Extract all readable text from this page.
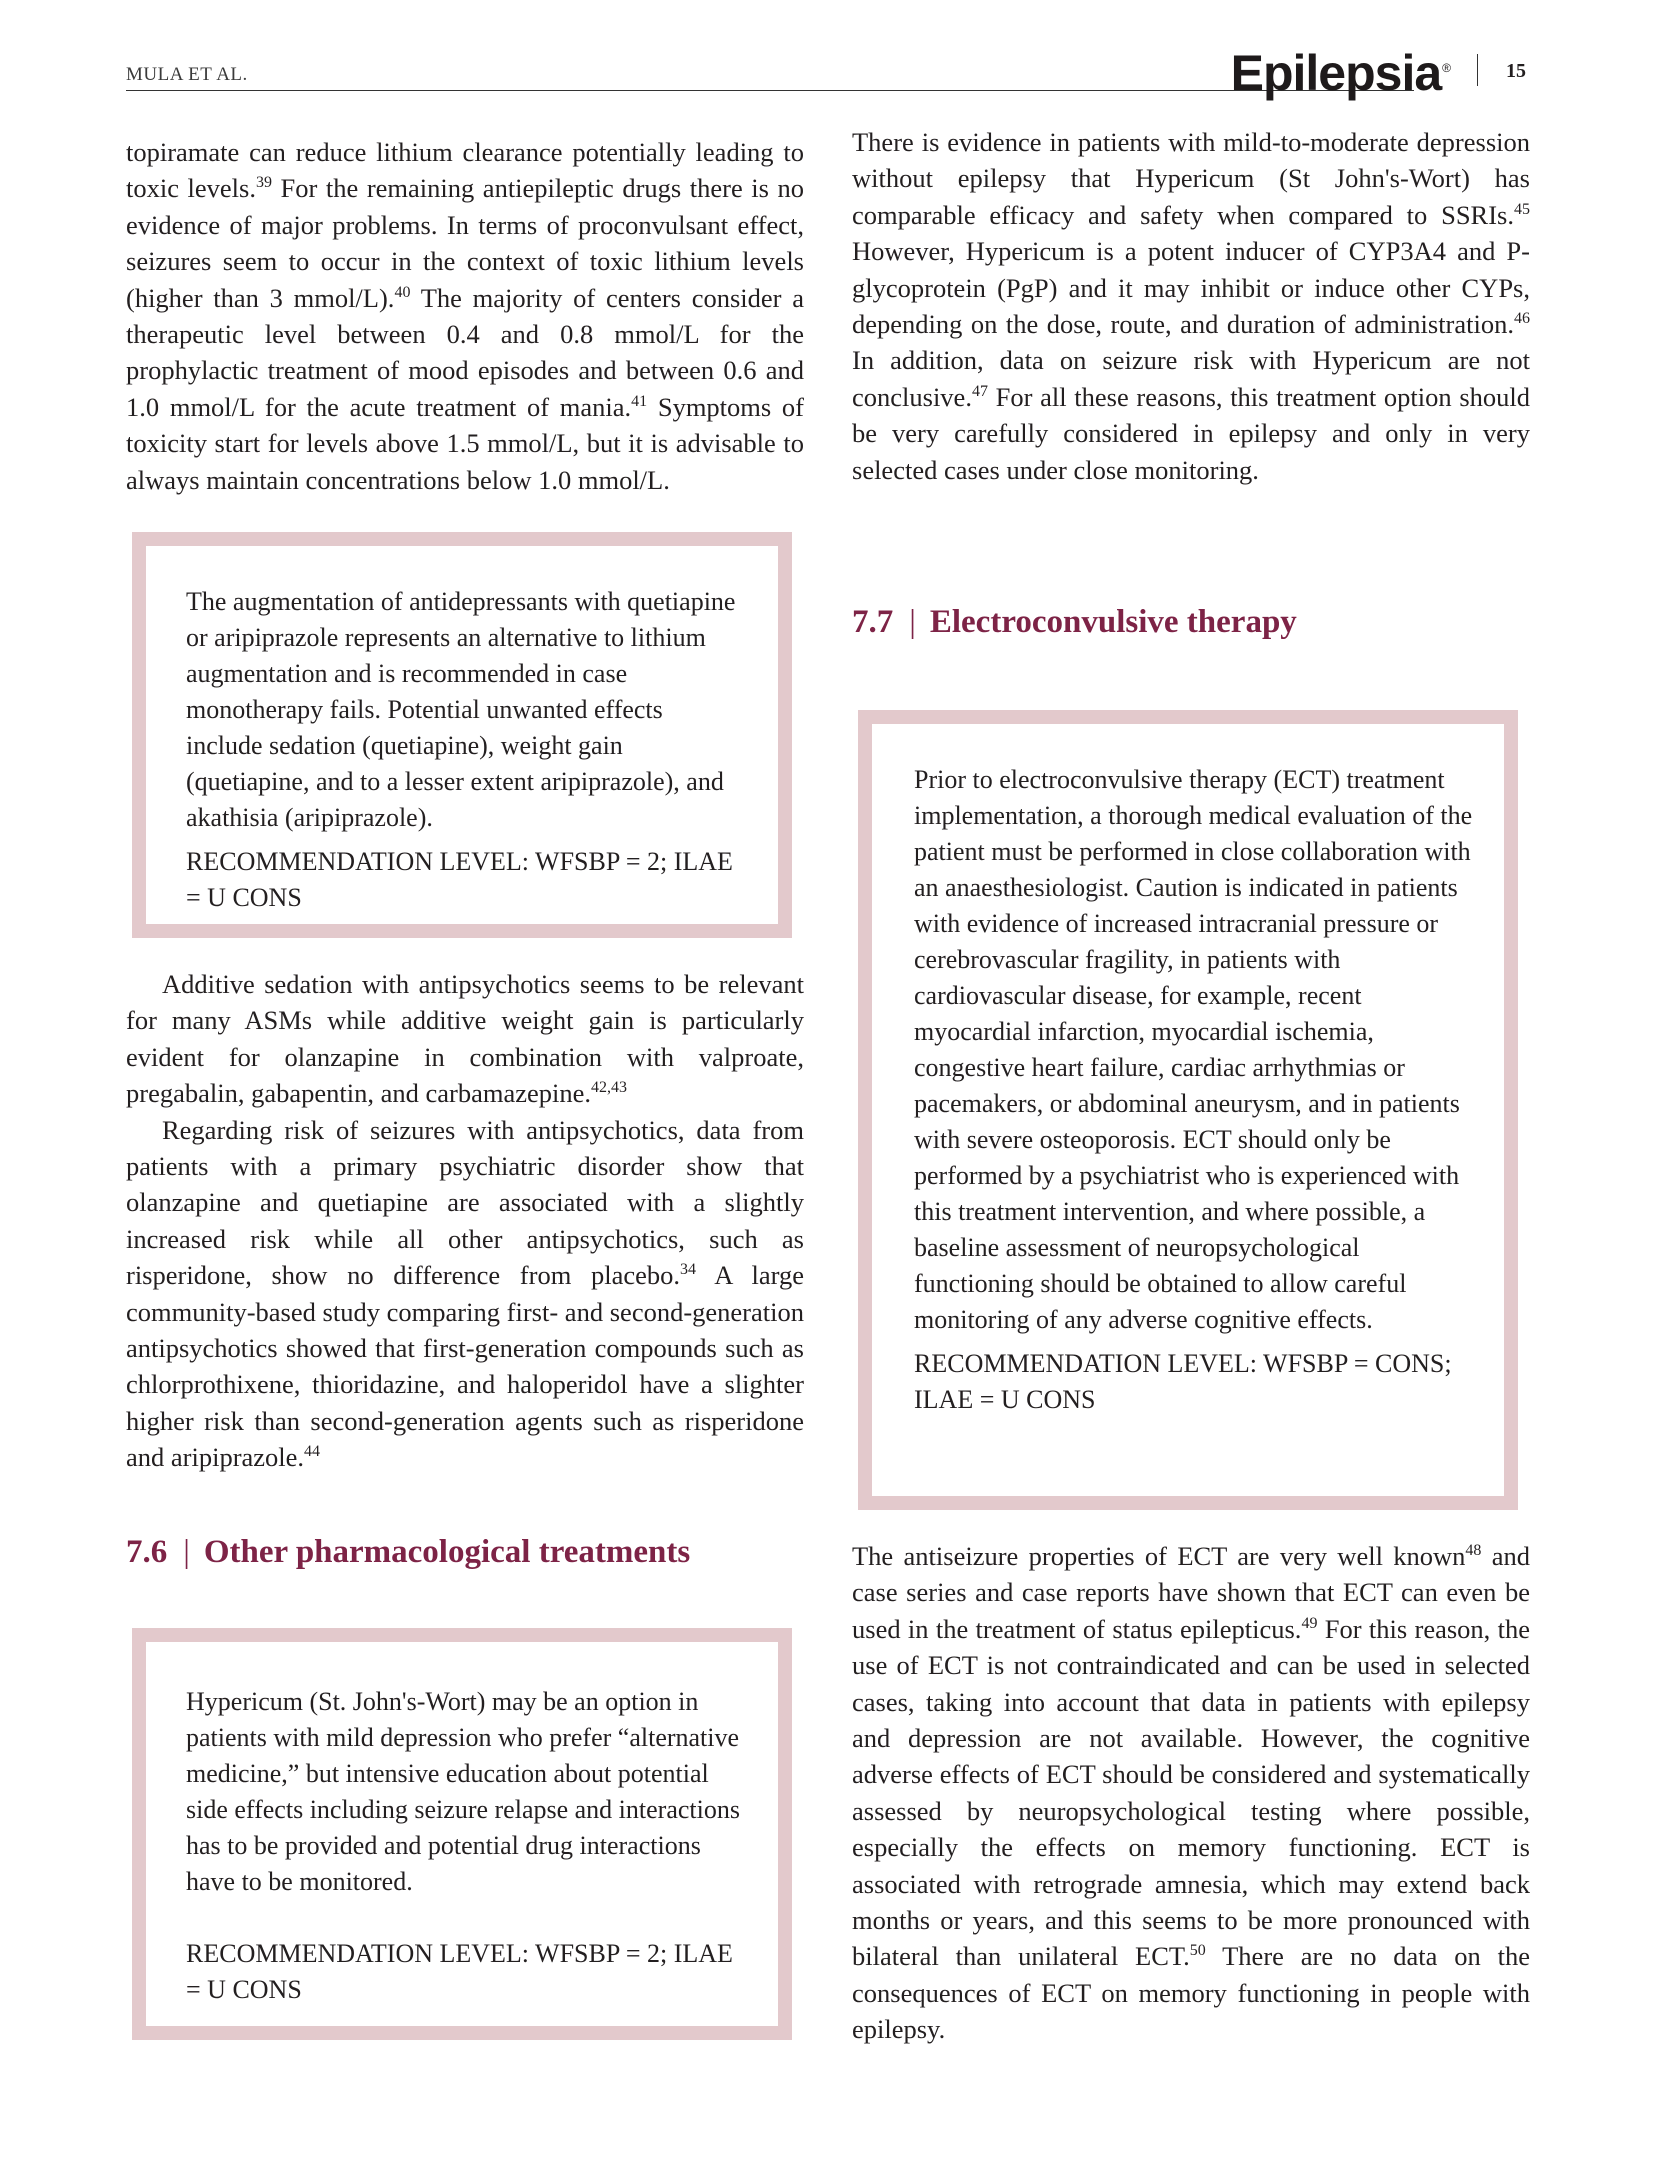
MULA ET AL.	Epilepsia®	15

topiramate can reduce lithium clearance potentially leading to toxic levels.$^{39}$ For the remaining antiepileptic drugs there is no evidence of major problems. In terms of proconvulsant effect, seizures seem to occur in the context of toxic lithium levels (higher than 3 mmol/L).$^{40}$ The majority of centers consider a therapeutic level between 0.4 and 0.8 mmol/L for the prophylactic treatment of mood episodes and between 0.6 and 1.0 mmol/L for the acute treatment of mania.$^{41}$ Symptoms of toxicity start for levels above 1.5 mmol/L, but it is advisable to always maintain concentrations below 1.0 mmol/L.

The augmentation of antidepressants with quetiapine or aripiprazole represents an alternative to lithium augmentation and is recommended in case monotherapy fails. Potential unwanted effects include sedation (quetiapine), weight gain (quetiapine, and to a lesser extent aripiprazole), and akathisia (aripiprazole).

RECOMMENDATION LEVEL: WFSBP = 2; ILAE = U CONS

Additive sedation with antipsychotics seems to be relevant for many ASMs while additive weight gain is particularly evident for olanzapine in combination with valproate, pregabalin, gabapentin, and carbamazepine.$^{42,43}$

Regarding risk of seizures with antipsychotics, data from patients with a primary psychiatric disorder show that olanzapine and quetiapine are associated with a slightly increased risk while all other antipsychotics, such as risperidone, show no difference from placebo.$^{34}$ A large community-based study comparing first- and second-generation antipsychotics showed that first-generation compounds such as chlorprothixene, thioridazine, and haloperidol have a slighter higher risk than second-generation agents such as risperidone and aripiprazole.$^{44}$

7.6 | Other pharmacological treatments

Hypericum (St. John's-Wort) may be an option in patients with mild depression who prefer “alternative medicine,” but intensive education about potential side effects including seizure relapse and interactions has to be provided and potential drug interactions have to be monitored.

RECOMMENDATION LEVEL: WFSBP = 2; ILAE = U CONS

There is evidence in patients with mild-to-moderate depression without epilepsy that Hypericum (St John's-Wort) has comparable efficacy and safety when compared to SSRIs.$^{45}$ However, Hypericum is a potent inducer of CYP3A4 and P-glycoprotein (PgP) and it may inhibit or induce other CYPs, depending on the dose, route, and duration of administration.$^{46}$ In addition, data on seizure risk with Hypericum are not conclusive.$^{47}$ For all these reasons, this treatment option should be very carefully considered in epilepsy and only in very selected cases under close monitoring.

7.7 | Electroconvulsive therapy

Prior to electroconvulsive therapy (ECT) treatment implementation, a thorough medical evaluation of the patient must be performed in close collaboration with an anaesthesiologist. Caution is indicated in patients with evidence of increased intracranial pressure or cerebrovascular fragility, in patients with cardiovascular disease, for example, recent myocardial infarction, myocardial ischemia, congestive heart failure, cardiac arrhythmias or pacemakers, or abdominal aneurysm, and in patients with severe osteoporosis. ECT should only be performed by a psychiatrist who is experienced with this treatment intervention, and where possible, a baseline assessment of neuropsychological functioning should be obtained to allow careful monitoring of any adverse cognitive effects.

RECOMMENDATION LEVEL: WFSBP = CONS; ILAE = U CONS

The antiseizure properties of ECT are very well known$^{48}$ and case series and case reports have shown that ECT can even be used in the treatment of status epilepticus.$^{49}$ For this reason, the use of ECT is not contraindicated and can be used in selected cases, taking into account that data in patients with epilepsy and depression are not available. However, the cognitive adverse effects of ECT should be considered and systematically assessed by neuropsychological testing where possible, especially the effects on memory functioning. ECT is associated with retrograde amnesia, which may extend back months or years, and this seems to be more pronounced with bilateral than unilateral ECT.$^{50}$ There are no data on the consequences of ECT on memory functioning in people with epilepsy.
